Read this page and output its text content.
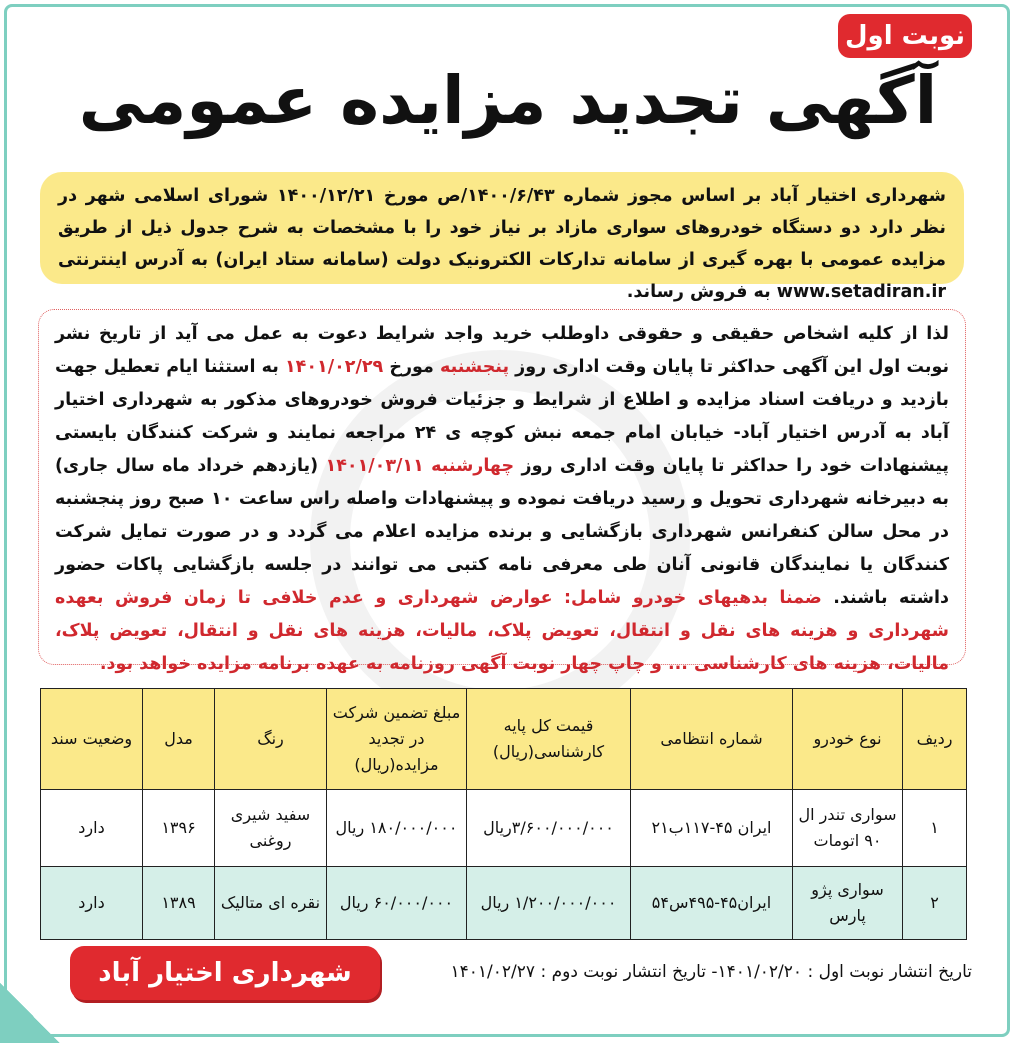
نوبت اول
آگهی تجدید مزایده عمومی
شهرداری اختیار آباد بر اساس مجوز شماره ۱۴۰۰/۶/۴۳/ص مورخ ۱۴۰۰/۱۲/۲۱ شورای اسلامی شهر در نظر دارد دو دستگاه خودروهای سواری مازاد بر نیاز خود را با مشخصات به شرح جدول ذیل از طریق مزایده عمومی با بهره گیری از سامانه تدارکات الکترونیک دولت (سامانه ستاد ایران) به آدرس اینترنتی www.setadiran.ir به فروش رساند.
لذا از کلیه اشخاص حقیقی و حقوقی داوطلب خرید واجد شرایط دعوت به عمل می آید از تاریخ نشر نوبت اول این آگهی حداکثر تا پایان وقت اداری روز پنجشنبه مورخ ۱۴۰۱/۰۲/۲۹ به استثنا ایام تعطیل جهت بازدید و دریافت اسناد مزایده و اطلاع از شرایط و جزئیات فروش خودروهای مذکور به شهرداری اختیار آباد به آدرس اختیار آباد- خیابان امام جمعه نبش کوچه ی ۲۴ مراجعه نمایند و شرکت کنندگان بایستی پیشنهادات خود را حداکثر تا پایان وقت اداری روز چهارشنبه ۱۴۰۱/۰۳/۱۱ (یازدهم خرداد ماه سال جاری) به دبیرخانه شهرداری تحویل و رسید دریافت نموده و پیشنهادات واصله راس ساعت ۱۰ صبح روز پنجشنبه در محل سالن کنفرانس شهرداری بازگشایی و برنده مزایده اعلام می گردد و در صورت تمایل شرکت کنندگان یا نمایندگان قانونی آنان طی معرفی نامه کتبی می توانند در جلسه بازگشایی پاکات حضور داشته باشند. ضمنا بدهیهای خودرو شامل: عوارض شهرداری و عدم خلافی تا زمان فروش بعهده شهرداری و هزینه های نقل و انتقال، تعویض پلاک، مالیات، هزینه های نقل و انتقال، تعویض پلاک، مالیات، هزینه های کارشناسی ... و چاپ چهار نوبت آگهی روزنامه به عهده برنامه مزایده خواهد بود.
ردیف	نوع خودرو	شماره انتظامی	قیمت کل پایه کارشناسی(ریال)	مبلغ تضمین شرکت در تجدید مزایده(ریال)	رنگ	مدل	وضعیت سند
۱	سواری تندر ال ۹۰ اتومات	ایران ۴۵-۱۱۷ب۲۱	۳/۶۰۰/۰۰۰/۰۰۰ریال	۱۸۰/۰۰۰/۰۰۰ ریال	سفید شیری روغنی	۱۳۹۶	دارد
۲	سواری پژو پارس	ایران۴۵-۴۹۵س۵۴	۱/۲۰۰/۰۰۰/۰۰۰ ریال	۶۰/۰۰۰/۰۰۰ ریال	نقره ای متالیک	۱۳۸۹	دارد
شهرداری اختیار آباد	تاریخ انتشار نوبت اول : ۱۴۰۱/۰۲/۲۰- تاریخ انتشار نوبت دوم : ۱۴۰۱/۰۲/۲۷
